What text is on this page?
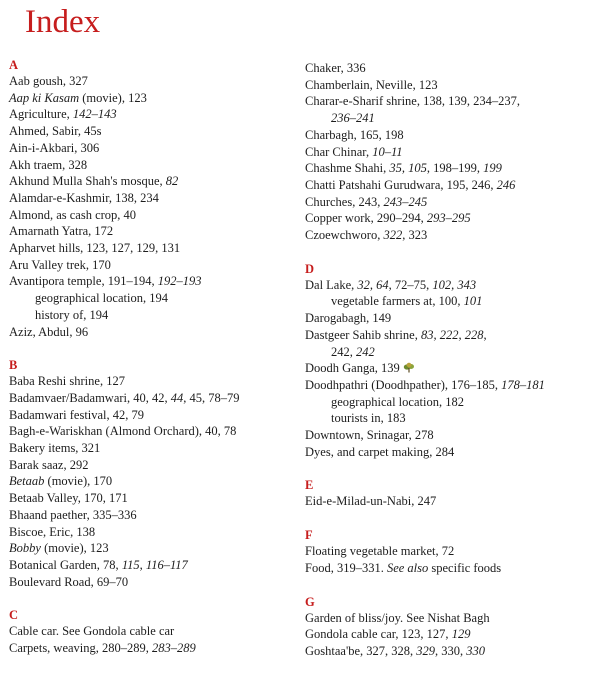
Index
A
Aab goush, 327
Aap ki Kasam (movie), 123
Agriculture, 142–143
Ahmed, Sabir, 45s
Ain-i-Akbari, 306
Akh traem, 328
Akhund Mulla Shah's mosque, 82
Alamdar-e-Kashmir, 138, 234
Almond, as cash crop, 40
Amarnath Yatra, 172
Apharvet hills, 123, 127, 129, 131
Aru Valley trek, 170
Avantipora temple, 191–194, 192–193
geographical location, 194
history of, 194
Aziz, Abdul, 96
B
Baba Reshi shrine, 127
Badamvaer/Badamwari, 40, 42, 44, 45, 78–79
Badamwari festival, 42, 79
Bagh-e-Wariskhan (Almond Orchard), 40, 78
Bakery items, 321
Barak saaz, 292
Betaab (movie), 170
Betaab Valley, 170, 171
Bhaand paether, 335–336
Biscoe, Eric, 138
Bobby (movie), 123
Botanical Garden, 78, 115, 116–117
Boulevard Road, 69–70
C
Cable car. See Gondola cable car
Carpets, weaving, 280–289, 283–289
Chaker, 336
Chamberlain, Neville, 123
Charar-e-Sharif shrine, 138, 139, 234–237,
236–241
Charbagh, 165, 198
Char Chinar, 10–11
Chashme Shahi, 35, 105, 198–199, 199
Chatti Patshahi Gurudwara, 195, 246, 246
Churches, 243, 243–245
Copper work, 290–294, 293–295
Czoewchworo, 322, 323
D
Dal Lake, 32, 64, 72–75, 102, 343
vegetable farmers at, 100, 101
Darogabagh, 149
Dastgeer Sahib shrine, 83, 222, 228,
242, 242
Doodh Ganga, 139
Doodhpathri (Doodhpather), 176–185, 178–181
geographical location, 182
tourists in, 183
Downtown, Srinagar, 278
Dyes, and carpet making, 284
E
Eid-e-Milad-un-Nabi, 247
F
Floating vegetable market, 72
Food, 319–331. See also specific foods
G
Garden of bliss/joy. See Nishat Bagh
Gondola cable car, 123, 127, 129
Goshtaa'be, 327, 328, 329, 330, 330
